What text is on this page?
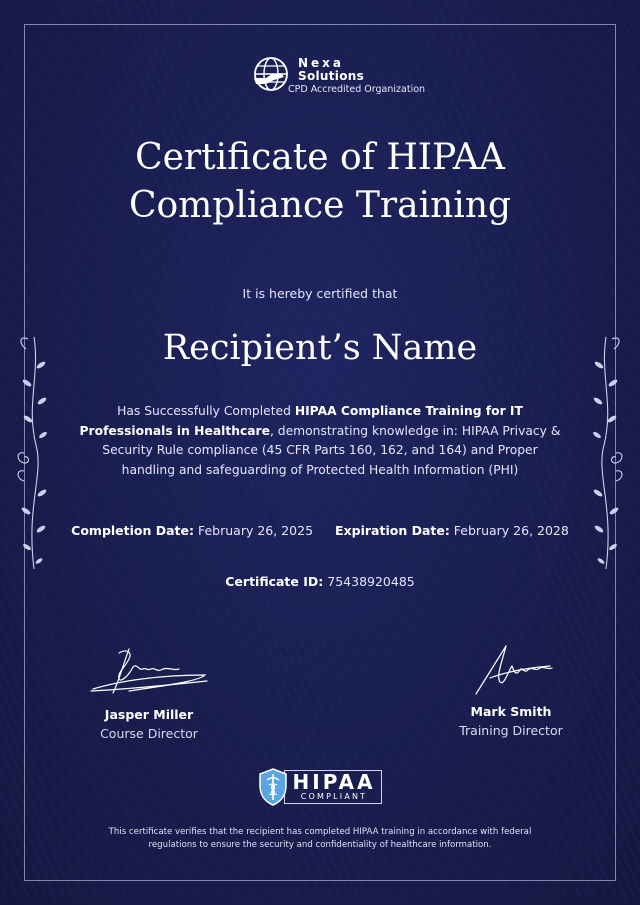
Nexa
Solutions
CPD Accredited Organization
Certificate of HIPAA
Compliance Training
It is hereby certified that
Recipient’s Name
Has Successfully Completed HIPAA Compliance Training for IT Professionals in Healthcare, demonstrating knowledge in: HIPAA Privacy & Security Rule compliance (45 CFR Parts 160, 162, and 164) and Proper handling and safeguarding of Protected Health Information (PHI)
Completion Date: February 26, 2025 Expiration Date: February 26, 2028
Certificate ID: 75438920485
Jasper Miller
Course Director
Mark Smith
Training Director
HIPAA
COMPLIANT
This certificate verifies that the recipient has completed HIPAA training in accordance with federal regulations to ensure the security and confidentiality of healthcare information.
